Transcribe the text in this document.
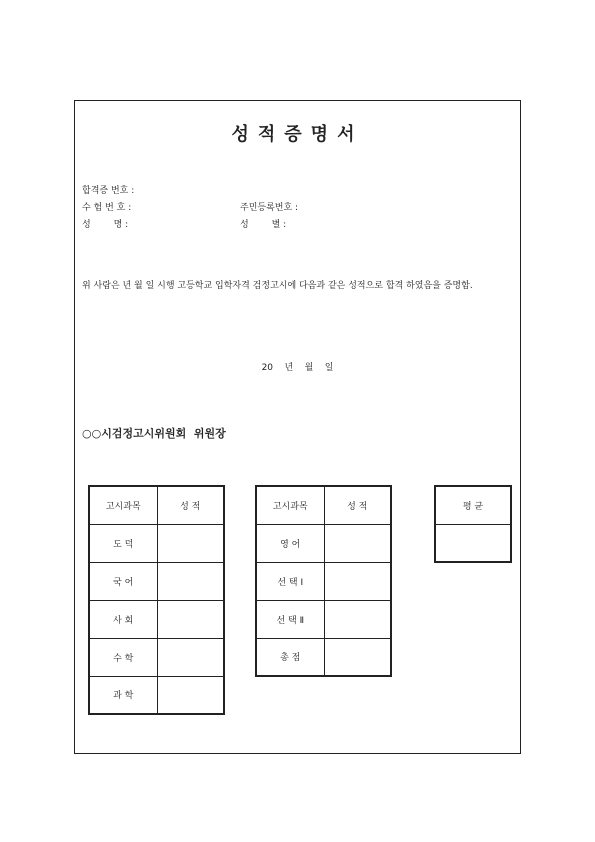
성적증명서
합격증 번호 :
수 험 번 호 :
성        명 :
주민등록번호 :
성        별 :
위 사람은 년 월 일 시행 고등학교 입학자격 검정고시에 다음과 같은 성적으로 합격 하였음을 증명함.
20    년    월    일
○○시검정고시위원회  위원장
고시과목	성 적
도 덕	
국 어	
사 회	
수 학	
과 학	
고시과목	성 적
영 어	
선 택 Ⅰ	
선 택 Ⅱ	
총 점	
평 균
